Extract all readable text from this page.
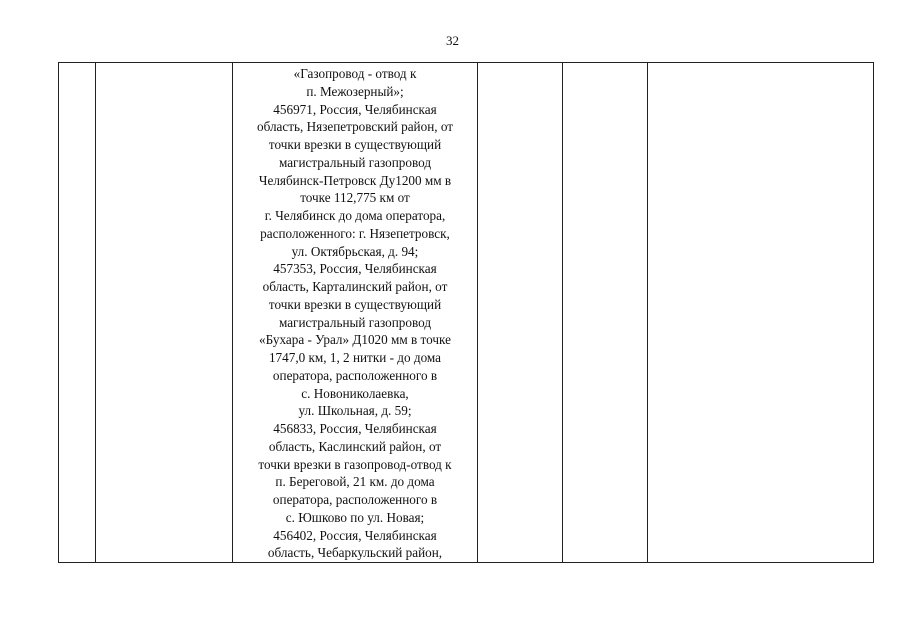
32

«Газопровод - отвод к
п. Межозерный»;
456971, Россия, Челябинская
область, Нязепетровский район, от
точки врезки в существующий
магистральный газопровод
Челябинск-Петровск Ду1200 мм в
точке 112,775 км от
г. Челябинск до дома оператора,
расположенного: г. Нязепетровск,
ул. Октябрьская, д. 94;
457353, Россия, Челябинская
область, Карталинский район, от
точки врезки в существующий
магистральный газопровод
«Бухара - Урал» Д1020 мм в точке
1747,0 км, 1, 2 нитки - до дома
оператора, расположенного в
с. Новониколаевка,
ул. Школьная, д. 59;
456833, Россия, Челябинская
область, Каслинский район, от
точки врезки в газопровод-отвод к
п. Береговой, 21 км. до дома
оператора, расположенного в
с. Юшково по ул. Новая;
456402, Россия, Челябинская
область, Чебаркульский район,
